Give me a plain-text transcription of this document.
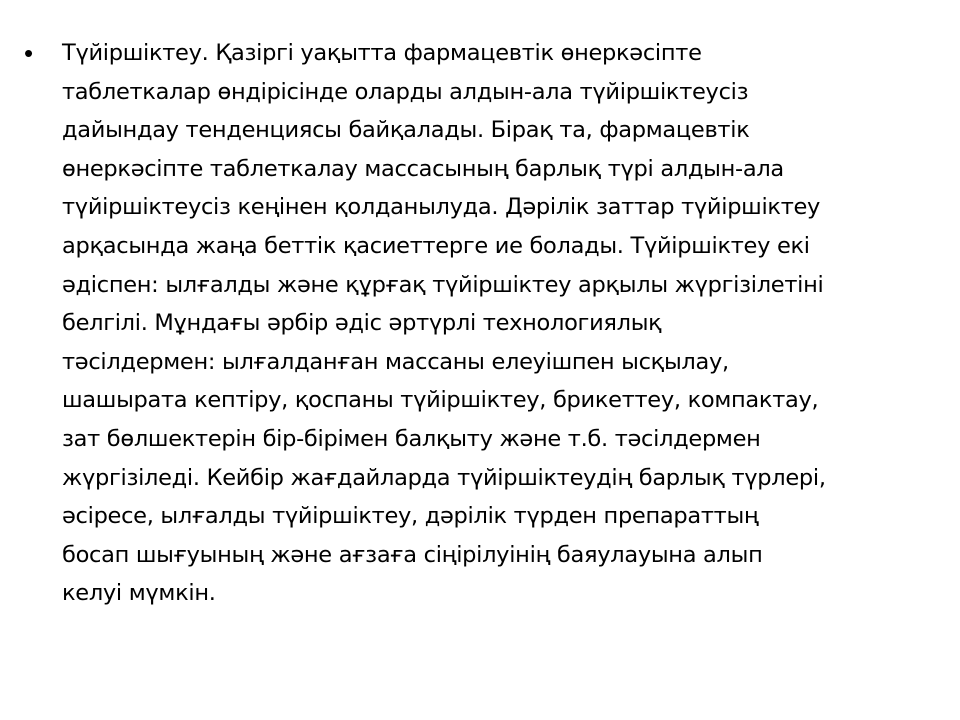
•	Түйіршіктеу. Қазіргі уақытта фармацевтік өнеркәсіпте
таблеткалар өндірісінде оларды алдын-ала түйіршіктеусіз
дайындау тенденциясы байқалады. Бірақ та, фармацевтік
өнеркәсіпте таблеткалау массасының барлық түрі алдын-ала
түйіршіктеусіз кеңінен қолданылуда. Дәрілік заттар түйіршіктеу
арқасында жаңа беттік қасиеттерге ие болады. Түйіршіктеу екі
әдіспен: ылғалды және құрғақ түйіршіктеу арқылы жүргізілетіні
белгілі. Мұндағы әрбір әдіс әртүрлі технологиялық
тәсілдермен: ылғалданған массаны елеуішпен ысқылау,
шашырата кептіру, қоспаны түйіршіктеу, брикеттеу, компактау,
зат бөлшектерін бір-бірімен балқыту және т.б. тәсілдермен
жүргізіледі. Кейбір жағдайларда түйіршіктеудің барлық түрлері,
әсіресе, ылғалды түйіршіктеу, дәрілік түрден препараттың
босап шығуының және ағзаға сіңірілуінің баяулауына алып
келуі мүмкін.
